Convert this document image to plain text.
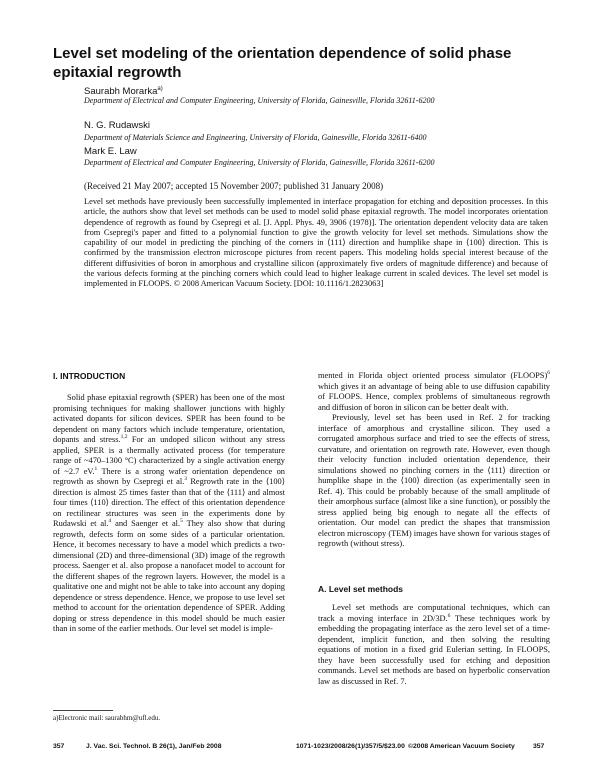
Level set modeling of the orientation dependence of solid phase epitaxial regrowth
Saurabh Morarka$^{a)}$
Department of Electrical and Computer Engineering, University of Florida, Gainesville, Florida 32611-6200
N. G. Rudawski
Department of Materials Science and Engineering, University of Florida, Gainesville, Florida 32611-6400
Mark E. Law
Department of Electrical and Computer Engineering, University of Florida, Gainesville, Florida 32611-6200
(Received 21 May 2007; accepted 15 November 2007; published 31 January 2008)
Level set methods have previously been successfully implemented in interface propagation for etching and deposition processes. In this article, the authors show that level set methods can be used to model solid phase epitaxial regrowth. The model incorporates orientation dependence of regrowth as found by Csepregi et al. [J. Appl. Phys. 49, 3906 (1978)]. The orientation dependent velocity data are taken from Csepregi's paper and fitted to a polynomial function to give the growth velocity for level set methods. Simulations show the capability of our model in predicting the pinching of the corners in ⟨111⟩ direction and humplike shape in ⟨100⟩ direction. This is confirmed by the transmission electron microscope pictures from recent papers. This modeling holds special interest because of the different diffusivities of boron in amorphous and crystalline silicon (approximately five orders of magnitude difference) and because of the various defects forming at the pinching corners which could lead to higher leakage current in scaled devices. The level set model is implemented in FLOOPS. © 2008 American Vacuum Society. [DOI: 10.1116/1.2823063]
I. INTRODUCTION

Solid phase epitaxial regrowth (SPER) has been one of the most promising techniques for making shallower junctions with highly activated dopants for silicon devices. SPER has been found to be dependent on many factors which include temperature, orientation, dopants and stress.$^{1,2}$ For an undoped silicon without any stress applied, SPER is a thermally activated process (for temperature range of ~470–1300 °C) characterized by a single activation energy of ~2.7 eV.$^1$ There is a strong wafer orientation dependence on regrowth as shown by Csepregi et al.$^3$ Regrowth rate in the ⟨100⟩ direction is almost 25 times faster than that of the ⟨111⟩ and almost four times ⟨110⟩ direction. The effect of this orientation dependence on rectilinear structures was seen in the experiments done by Rudawski et al.$^4$ and Saenger et al.$^5$ They also show that during regrowth, defects form on some sides of a particular orientation. Hence, it becomes necessary to have a model which predicts a two-dimensional (2D) and three-dimensional (3D) image of the regrowth process. Saenger et al. also propose a nanofacet model to account for the different shapes of the regrown layers. However, the model is a qualitative one and might not be able to take into account any doping dependence or stress dependence. Hence, we propose to use level set method to account for the orientation dependence of SPER. Adding doping or stress dependence in this model should be much easier than in some of the earlier methods. Our level set model is imple-

mented in Florida object oriented process simulator (FLOOPS)$^6$ which gives it an advantage of being able to use diffusion capability of FLOOPS. Hence, complex problems of simultaneous regrowth and diffusion of boron in silicon can be better dealt with.

Previously, level set has been used in Ref. 2 for tracking interface of amorphous and crystalline silicon. They used a corrugated amorphous surface and tried to see the effects of stress, curvature, and orientation on regrowth rate. However, even though their velocity function included orientation dependence, their simulations showed no pinching corners in the ⟨111⟩ direction or humplike shape in the ⟨100⟩ direction (as experimentally seen in Ref. 4). This could be probably because of the small amplitude of their amorphous surface (almost like a sine function), or possibly the stress applied being big enough to negate all the effects of orientation. Our model can predict the shapes that transmission electron microscopy (TEM) images have shown for various stages of regrowth (without stress).

A. Level set methods

Level set methods are computational techniques, which can track a moving interface in 2D/3D.$^6$ These techniques work by embedding the propagating interface as the zero level set of a time-dependent, implicit function, and then solving the resulting equations of motion in a fixed grid Eulerian setting. In FLOOPS, they have been successfully used for etching and deposition commands. Level set methods are based on hyperbolic conservation law as discussed in Ref. 7.

a)Electronic mail: saurabhm@ufl.edu.
357	J. Vac. Sci. Technol. B 26(1), Jan/Feb 2008	1071-1023/2008/26(1)/357/5/$23.00 ©2008 American Vacuum Society	357
